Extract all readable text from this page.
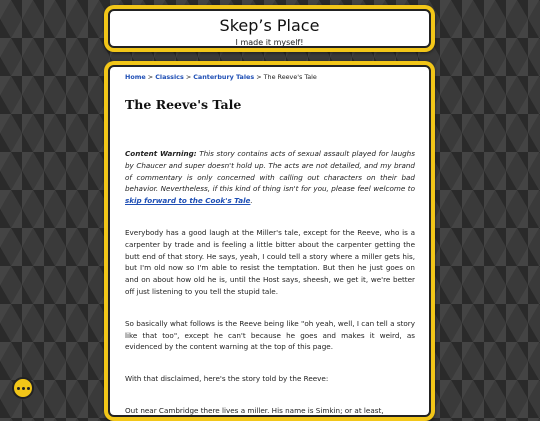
Skep’s Place
I made it myself!
Home > Classics > Canterbury Tales > The Reeve's Tale
The Reeve's Tale

Content Warning: This story contains acts of sexual assault played for laughs by Chaucer and super doesn't hold up. The acts are not detailed, and my brand of commentary is only concerned with calling out characters on their bad behavior. Nevertheless, if this kind of thing isn't for you, please feel welcome to skip forward to the Cook's Tale.

Everybody has a good laugh at the Miller's tale, except for the Reeve, who is a carpenter by trade and is feeling a little bitter about the carpenter getting the butt end of that story. He says, yeah, I could tell a story where a miller gets his, but I'm old now so I'm able to resist the temptation. But then he just goes on and on about how old he is, until the Host says, sheesh, we get it, we're better off just listening to you tell the stupid tale.

So basically what follows is the Reeve being like "oh yeah, well, I can tell a story like that too", except he can't because he goes and makes it weird, as evidenced by the content warning at the top of this page.

With that disclaimed, here's the story told by the Reeve:

Out near Cambridge there lives a miller. His name is Simkin; or at least,
